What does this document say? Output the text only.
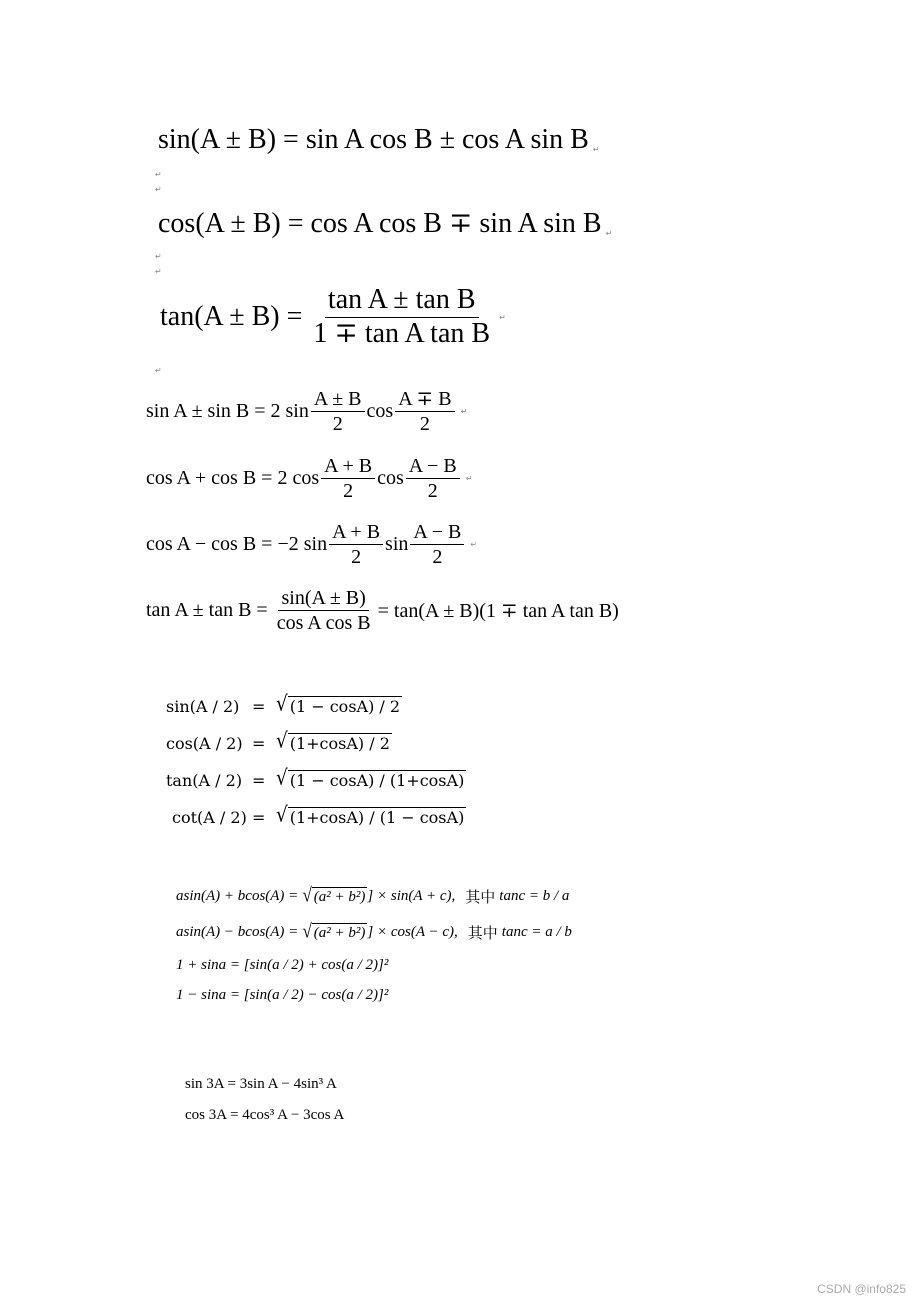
sin(A ± B) = sin A cos B ± cos A sin B ↵
↵
↵
cos(A ± B) = cos A cos B ∓ sin A sin B ↵
↵
↵
$\tan(A \pm B) = \frac{\text{tan A ± tan B}}{\text{1 ∓ tan A tan B}}$ ↵
↵
sin A ± sin B = 2 $\sin \frac{A \pm B}{2}$ $\cos \frac{A \mp B}{2}$ ↵
cos A + cos B = 2 $\cos \frac{A + B}{2}$ $\cos \frac{A - B}{2}$ ↵
cos A − cos B = −2 $\sin \frac{A + B}{2}$ $\sin \frac{A - B}{2}$ ↵
$\tan A \pm \tan B = \frac{\sin(A \pm B)}{\text{cos A cos B}} = \tan(A \pm B)(1 \mp \tan A$ tan B)
sin(A / 2) = √ (1 − cosA) / 2
cos(A / 2) = √ (1+cosA) / 2
tan(A / 2) = √ (1 − cosA) / (1+cosA)
cot(A / 2) = √ (1+cosA) / (1 − cosA)
asin(A) + bcos(A) = √ (a² + b²) ] × sin(A + c), 其中 tanc = b / a
asin(A) − bcos(A) = √ (a² + b²) ] × cos(A − c), 其中 tanc = a / b
1 + sina = [sin(a / 2) + cos(a / 2)]²
1 − sina = [sin(a / 2) − cos(a / 2)]²
sin 3A = 3sin A − 4sin³ A
cos 3A = 4cos³ A − 3cos A
CSDN @info825
